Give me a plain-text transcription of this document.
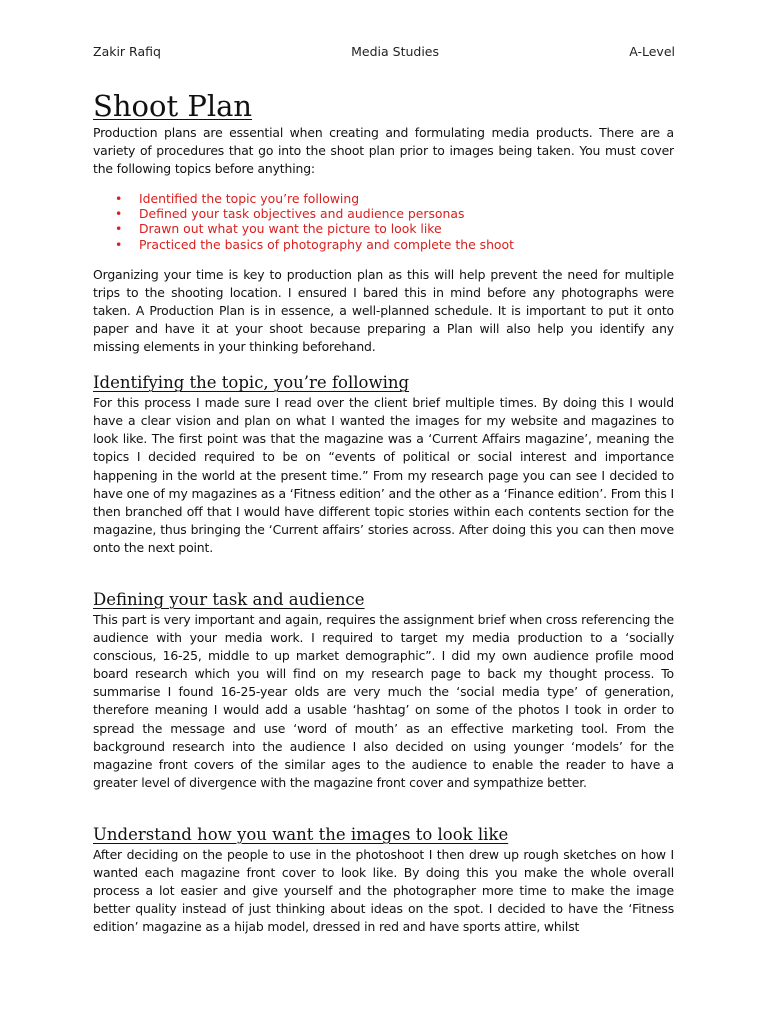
Zakir Rafiq	Media Studies	A-Level
Shoot Plan

Production plans are essential when creating and formulating media products. There are a variety of procedures that go into the shoot plan prior to images being taken. You must cover the following topics before anything:

• Identified the topic you’re following
• Defined your task objectives and audience personas
• Drawn out what you want the picture to look like
• Practiced the basics of photography and complete the shoot

Organizing your time is key to production plan as this will help prevent the need for multiple trips to the shooting location. I ensured I bared this in mind before any photographs were taken. A Production Plan is in essence, a well-planned schedule. It is important to put it onto paper and have it at your shoot because preparing a Plan will also help you identify any missing elements in your thinking beforehand.

Identifying the topic, you’re following

For this process I made sure I read over the client brief multiple times. By doing this I would have a clear vision and plan on what I wanted the images for my website and magazines to look like. The first point was that the magazine was a ‘Current Affairs magazine’, meaning the topics I decided required to be on “events of political or social interest and importance happening in the world at the present time.” From my research page you can see I decided to have one of my magazines as a ‘Fitness edition’ and the other as a ‘Finance edition’. From this I then branched off that I would have different topic stories within each contents section for the magazine, thus bringing the ‘Current affairs’ stories across. After doing this you can then move onto the next point.

Defining your task and audience

This part is very important and again, requires the assignment brief when cross referencing the audience with your media work. I required to target my media production to a ‘socially conscious, 16-25, middle to up market demographic”. I did my own audience profile mood board research which you will find on my research page to back my thought process. To summarise I found 16-25-year olds are very much the ‘social media type’ of generation, therefore meaning I would add a usable ‘hashtag’ on some of the photos I took in order to spread the message and use ‘word of mouth’ as an effective marketing tool. From the background research into the audience I also decided on using younger ‘models’ for the magazine front covers of the similar ages to the audience to enable the reader to have a greater level of divergence with the magazine front cover and sympathize better.

Understand how you want the images to look like

After deciding on the people to use in the photoshoot I then drew up rough sketches on how I wanted each magazine front cover to look like. By doing this you make the whole overall process a lot easier and give yourself and the photographer more time to make the image better quality instead of just thinking about ideas on the spot. I decided to have the ‘Fitness edition’ magazine as a hijab model, dressed in red and have sports attire, whilst
